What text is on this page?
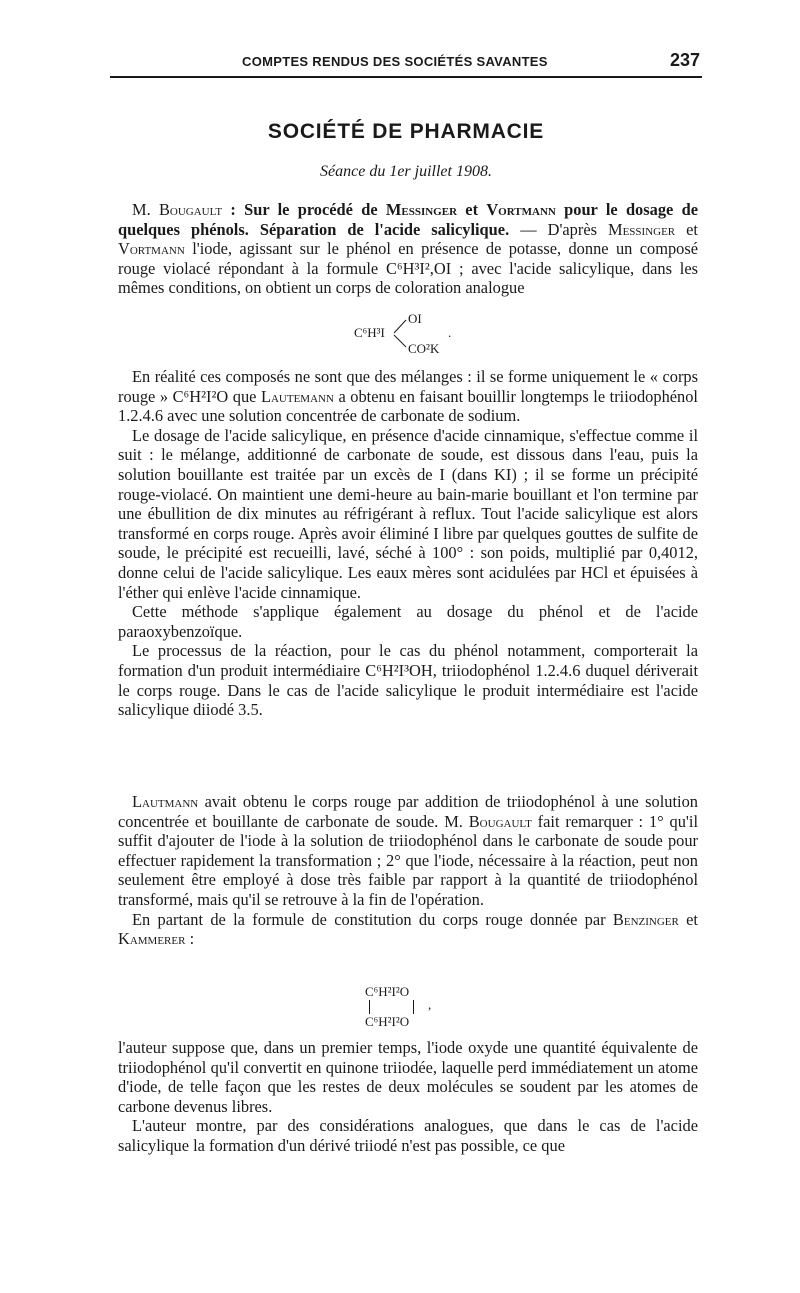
COMPTES RENDUS DES SOCIÉTÉS SAVANTES	237
SOCIÉTÉ DE PHARMACIE
Séance du 1er juillet 1908.

M. Bougault : Sur le procédé de Messinger et Vortmann pour le dosage de quelques phénols. Séparation de l'acide salicylique. — D'après Messinger et Vortmann l'iode, agissant sur le phénol en présence de potasse, donne un composé rouge violacé répondant à la formule C⁶H³I²,OI ; avec l'acide salicylique, dans les mêmes conditions, on obtient un corps de coloration analogue

C⁶H³I
OI
CO²K
.

En réalité ces composés ne sont que des mélanges : il se forme uniquement le « corps rouge » C⁶H²I²O que Lautemann a obtenu en faisant bouillir longtemps le triiodophénol 1.2.4.6 avec une solution concentrée de carbonate de sodium.

Le dosage de l'acide salicylique, en présence d'acide cinnamique, s'effectue comme il suit : le mélange, additionné de carbonate de soude, est dissous dans l'eau, puis la solution bouillante est traitée par un excès de I (dans KI) ; il se forme un précipité rouge-violacé. On maintient une demi-heure au bain-marie bouillant et l'on termine par une ébullition de dix minutes au réfrigérant à reflux. Tout l'acide salicylique est alors transformé en corps rouge. Après avoir éliminé I libre par quelques gouttes de sulfite de soude, le précipité est recueilli, lavé, séché à 100° : son poids, multiplié par 0,4012, donne celui de l'acide salicylique. Les eaux mères sont acidulées par HCl et épuisées à l'éther qui enlève l'acide cinnamique.

Cette méthode s'applique également au dosage du phénol et de l'acide paraoxybenzoïque.

Le processus de la réaction, pour le cas du phénol notamment, comporterait la formation d'un produit intermédiaire C⁶H²I³OH, triiodophénol 1.2.4.6 duquel dériverait le corps rouge. Dans le cas de l'acide salicylique le produit intermédiaire est l'acide salicylique diiodé 3.5.

Lautmann avait obtenu le corps rouge par addition de triiodophénol à une solution concentrée et bouillante de carbonate de soude. M. Bougault fait remarquer : 1° qu'il suffit d'ajouter de l'iode à la solution de triiodophénol dans le carbonate de soude pour effectuer rapidement la transformation ; 2° que l'iode, nécessaire à la réaction, peut non seulement être employé à dose très faible par rapport à la quantité de triiodophénol transformé, mais qu'il se retrouve à la fin de l'opération.

En partant de la formule de constitution du corps rouge donnée par Benzinger et Kammerer :

C⁶H²I²O
C⁶H²I²O
,

l'auteur suppose que, dans un premier temps, l'iode oxyde une quantité équivalente de triiodophénol qu'il convertit en quinone triiodée, laquelle perd immédiatement un atome d'iode, de telle façon que les restes de deux molécules se soudent par les atomes de carbone devenus libres.

L'auteur montre, par des considérations analogues, que dans le cas de l'acide salicylique la formation d'un dérivé triiodé n'est pas possible, ce que
